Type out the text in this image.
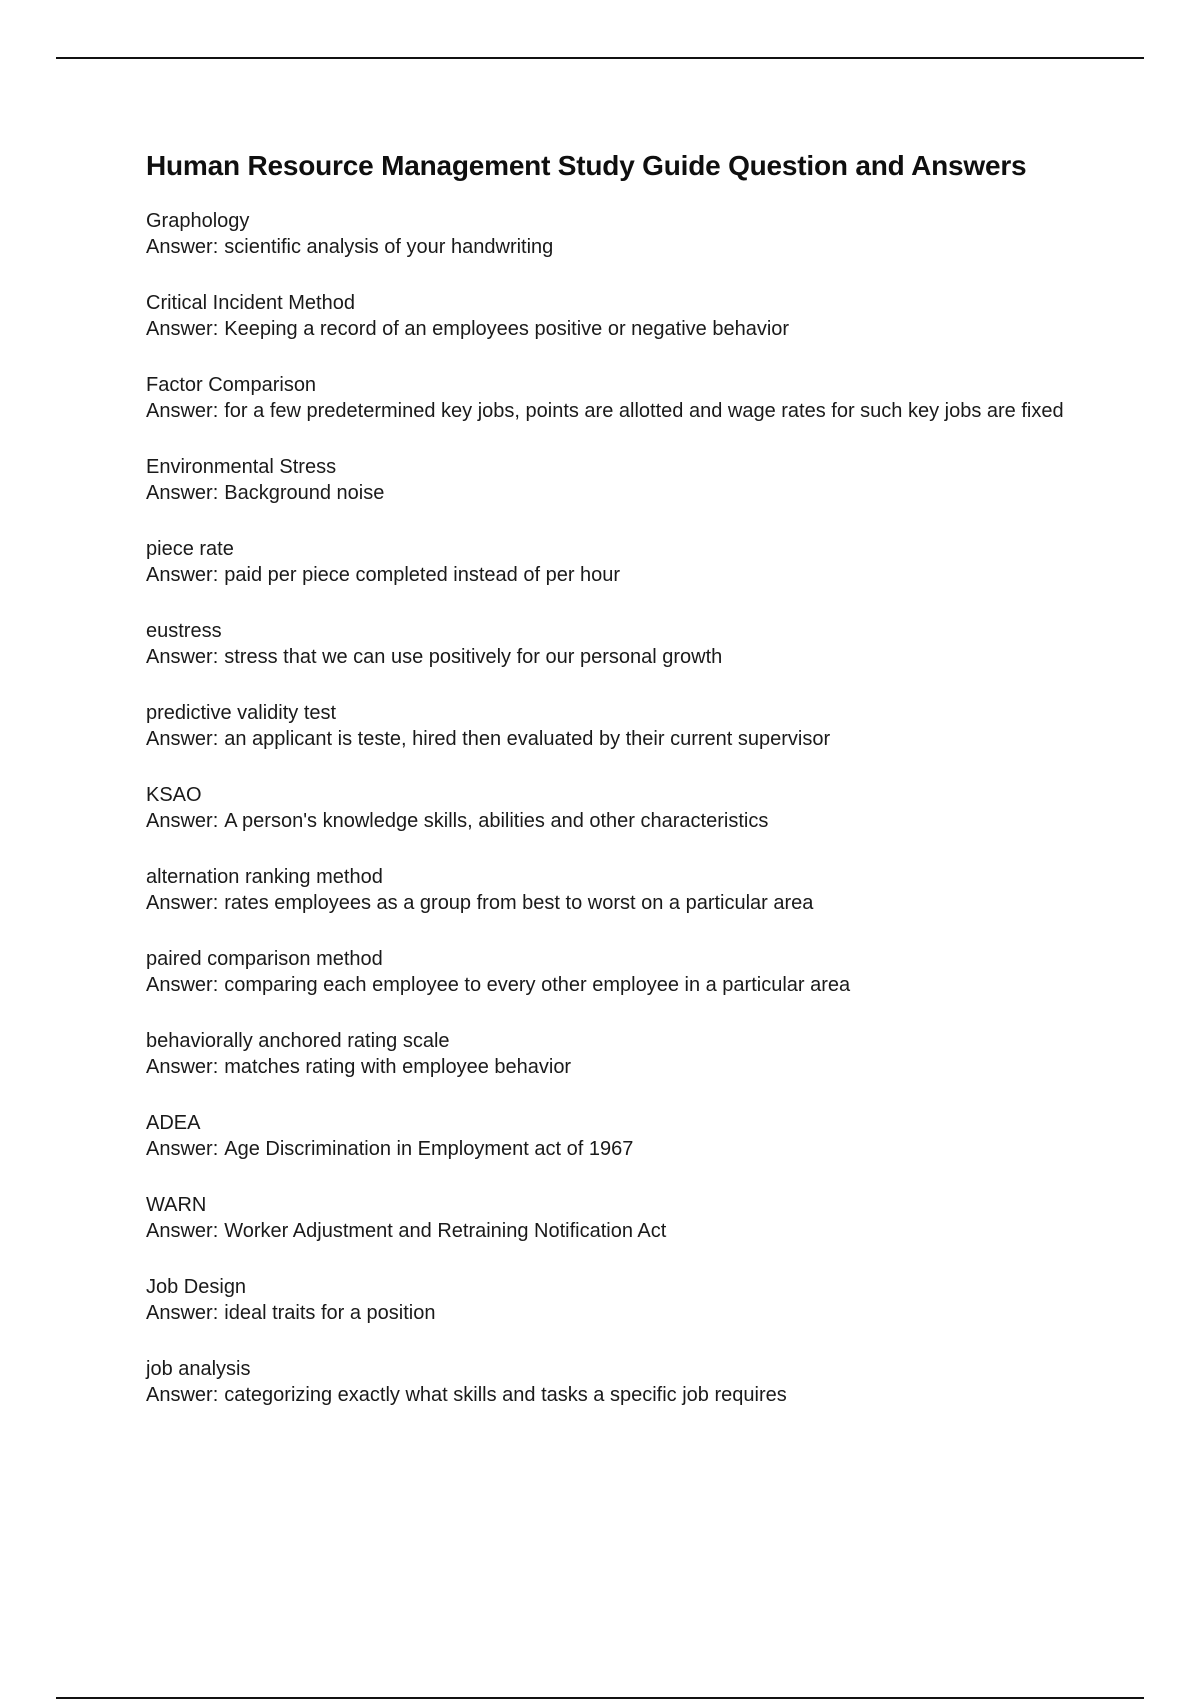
Human Resource Management Study Guide Question and Answers
Graphology
Answer: scientific analysis of your handwriting
Critical Incident Method
Answer: Keeping a record of an employees positive or negative behavior
Factor Comparison
Answer: for a few predetermined key jobs, points are allotted and wage rates for such key jobs are fixed
Environmental Stress
Answer: Background noise
piece rate
Answer: paid per piece completed instead of per hour
eustress
Answer: stress that we can use positively for our personal growth
predictive validity test
Answer: an applicant is teste, hired then evaluated by their current supervisor
KSAO
Answer: A person's knowledge skills, abilities and other characteristics
alternation ranking method
Answer: rates employees as a group from best to worst on a particular area
paired comparison method
Answer: comparing each employee to every other employee in a particular area
behaviorally anchored rating scale
Answer: matches rating with employee behavior
ADEA
Answer: Age Discrimination in Employment act of 1967
WARN
Answer: Worker Adjustment and Retraining Notification Act
Job Design
Answer: ideal traits for a position
job analysis
Answer: categorizing exactly what skills and tasks a specific job requires
